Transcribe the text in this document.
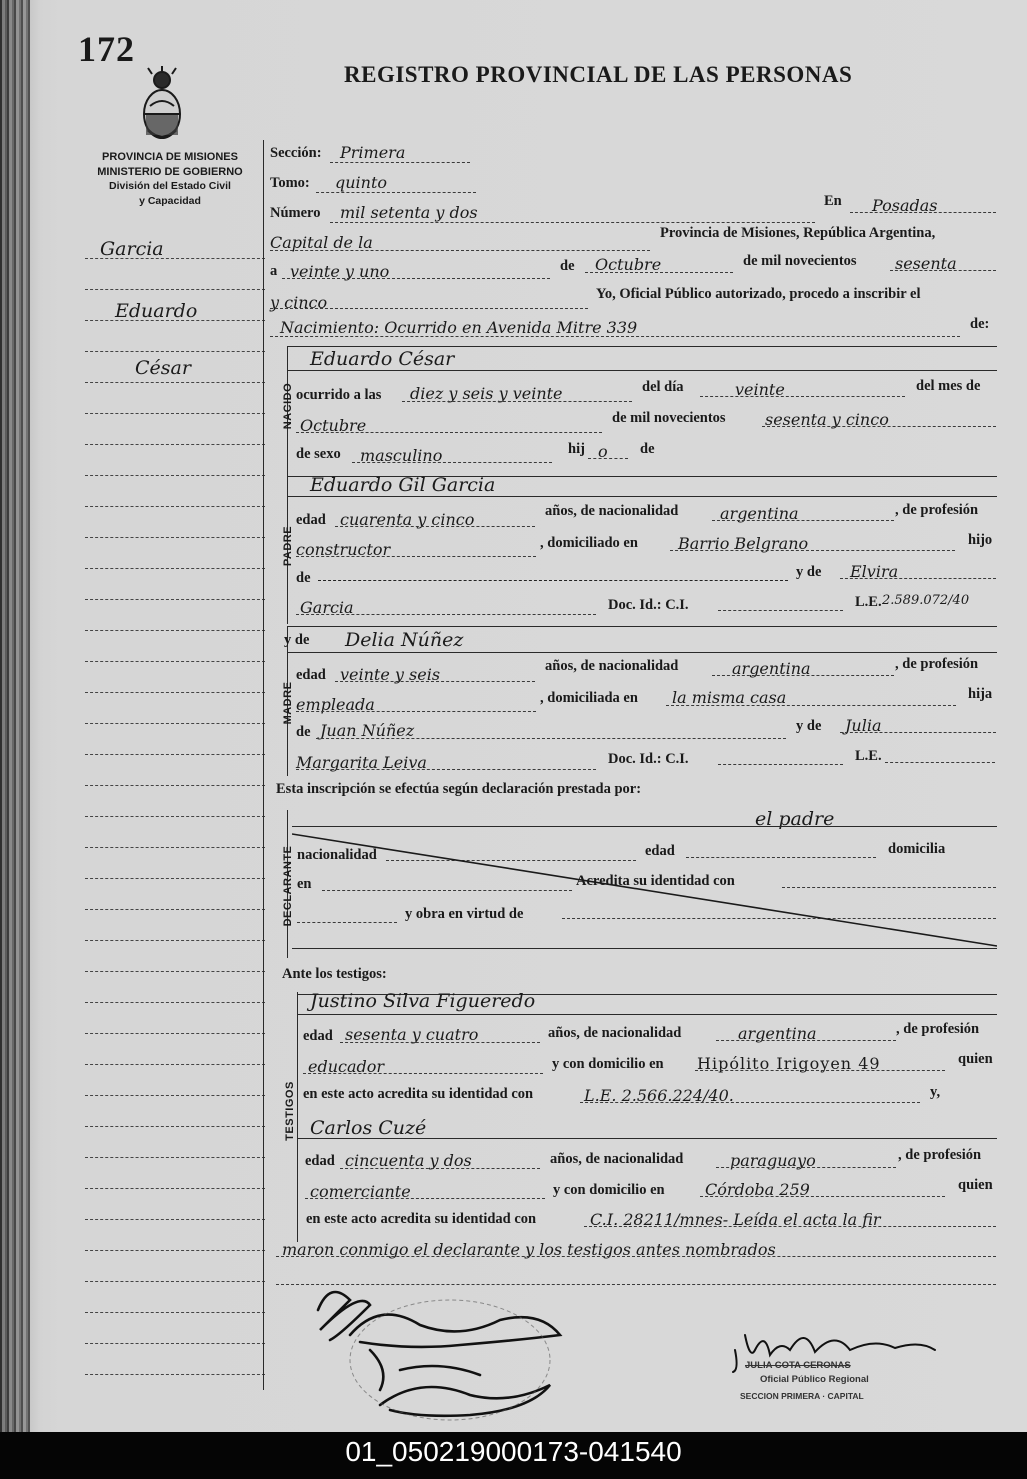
172
REGISTRO PROVINCIAL DE LAS PERSONAS
PROVINCIA DE MISIONES
MINISTERIO DE GOBIERNO
División del Estado Civil
y Capacidad
Garcia
Eduardo
César
Sección: Primera
Tomo: quinto
Número mil setenta y dos
En Posadas
Capital de la	Provincia de Misiones, República Argentina,
a veinte y uno	de Octubre	de mil novecientos sesenta
y cinco	Yo, Oficial Público autorizado, procedo a inscribir el
Nacimiento: Ocurrido en Avenida Mitre 339	de:
NACIDO
Eduardo César
ocurrido a las diez y seis y veinte	del día	veinte	del mes de
Octubre	de mil novecientos sesenta y cinco
de sexo masculino	hij o de
PADRE
Eduardo Gil Garcia
edad cuarenta y cinco	años, de nacionalidad	argentina	, de profesión
constructor	, domiciliado en	Barrio Belgrano	hijo
de	y de Elvira
Garcia	Doc. Id.: C.I.	L.E. 2.589.072/40
MADRE
y de Delia Núñez
edad veinte y seis	años, de nacionalidad	argentina	, de profesión
empleada	, domiciliada en la misma casa	hija
de Juan Núñez	y de Julia
Margarita Leiva	Doc. Id.: C.I.	L.E.
Esta inscripción se efectúa según declaración prestada por:
DECLARANTE
el padre
nacionalidad	edad	domicilia
en	Acredita su identidad con
y obra en virtud de
Ante los testigos:
TESTIGOS
Justino Silva Figueredo
edad sesenta y cuatro	años, de nacionalidad	argentina	, de profesión
educador	y con domicilio en Hipólito Irigoyen 49	quien
en este acto acredita su identidad con	L.E. 2.566.224/40.	y,
Carlos Cuzé
edad cincuenta y dos	años, de nacionalidad	paraguayo	, de profesión
comerciante	y con domicilio en	Córdoba 259	quien
en este acto acredita su identidad con	C.I. 28211/mnes- Leída el acta la fir
maron conmigo el declarante y los testigos antes nombrados
JULIA COTA CERONAS
Oficial Público Regional
SECCION PRIMERA · CAPITAL
01_050219000173-041540
